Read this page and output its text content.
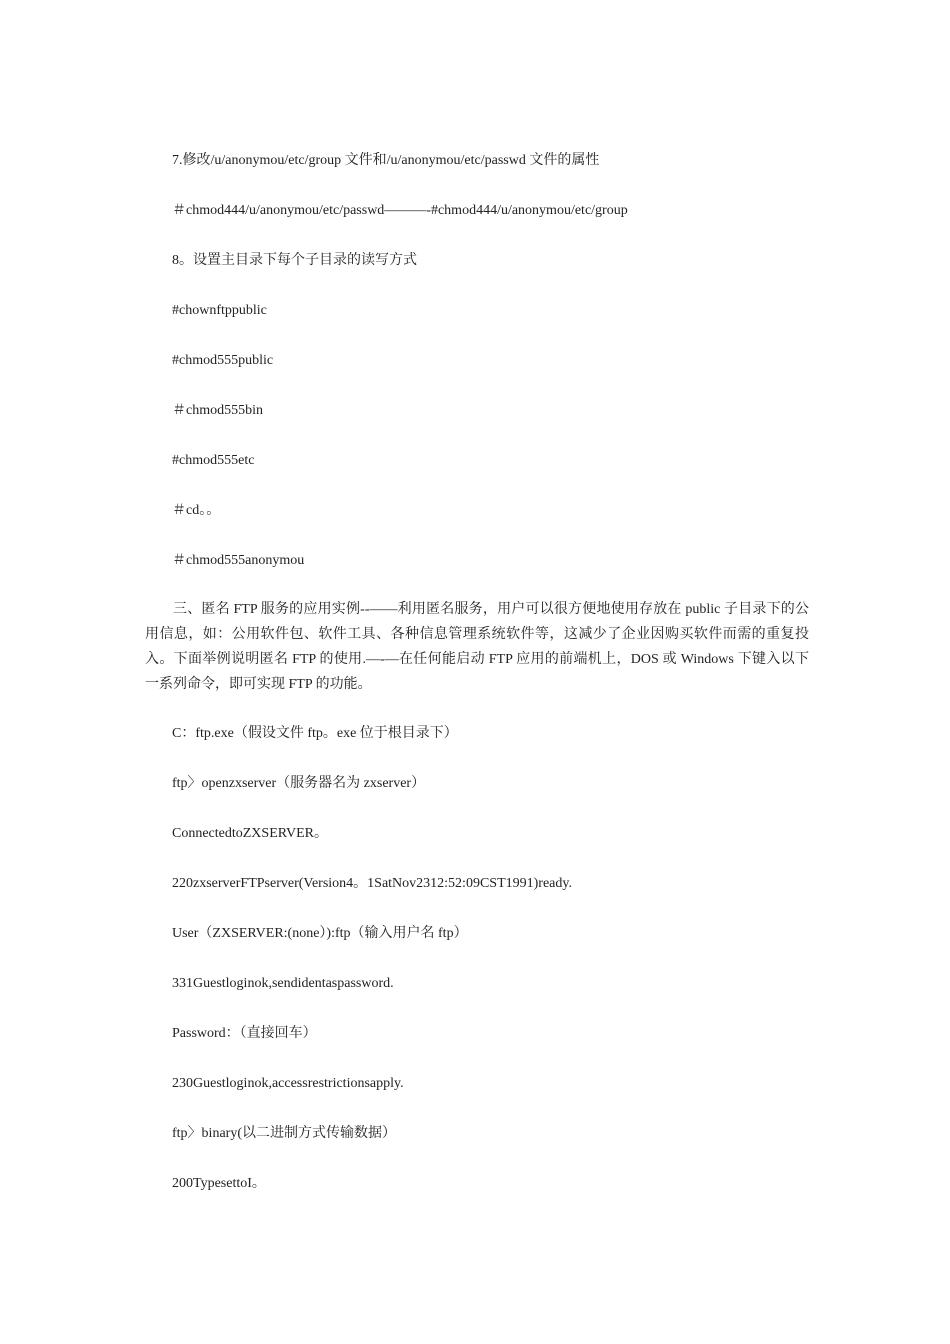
7.修改/u/anonymou/etc/group 文件和/u/anonymou/etc/passwd 文件的属性
＃chmod444/u/anonymou/etc/passwd———-#chmod444/u/anonymou/etc/group
8。设置主目录下每个子目录的读写方式
#chownftppublic
#chmod555public
＃chmod555bin
#chmod555etc
＃cd。。
＃chmod555anonymou
三、匿名 FTP 服务的应用实例--——利用匿名服务，用户可以很方便地使用存放在 public 子目录下的公用信息，如：公用软件包、软件工具、各种信息管理系统软件等，这减少了企业因购买软件而需的重复投入。下面举例说明匿名 FTP 的使用.—-—在任何能启动 FTP 应用的前端机上，DOS 或 Windows 下键入以下一系列命令，即可实现 FTP 的功能。
C：ftp.exe（假设文件 ftp。exe 位于根目录下）
ftp〉openzxserver（服务器名为 zxserver）
ConnectedtoZXSERVER。
220zxserverFTPserver(Version4。1SatNov2312:52:09CST1991)ready.
User（ZXSERVER:(none）):ftp（输入用户名 ftp）
331Guestloginok,sendidentaspassword.
Password：（直接回车）
230Guestloginok,accessrestrictionsapply.
ftp〉binary(以二进制方式传输数据）
200TypesettoI。
